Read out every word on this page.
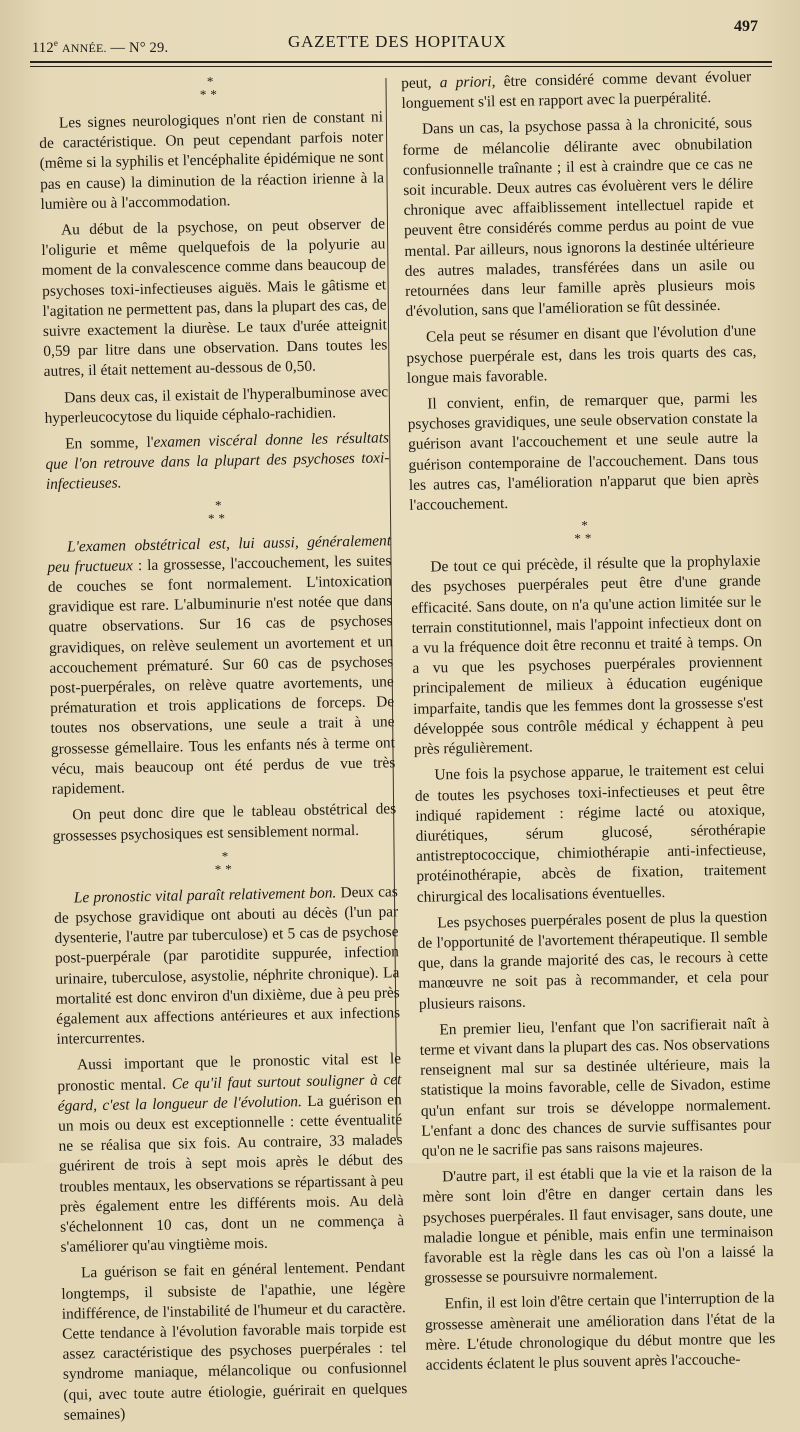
112e ANNÉE. — N° 29.	GAZETTE DES HOPITAUX
497
*
**

Les signes neurologiques n'ont rien de constant ni de caractéristique. On peut cependant parfois noter (même si la syphilis et l'encéphalite épidémique ne sont pas en cause) la diminution de la réaction irienne à la lumière ou à l'accommodation.

Au début de la psychose, on peut observer de l'oligurie et même quelquefois de la polyurie au moment de la convalescence comme dans beaucoup de psychoses toxi-infectieuses aiguës. Mais le gâtisme et l'agitation ne permettent pas, dans la plupart des cas, de suivre exactement la diurèse. Le taux d'urée atteignit 0,59 par litre dans une observation. Dans toutes les autres, il était nettement au-dessous de 0,50.

Dans deux cas, il existait de l'hyperalbuminose avec hyperleucocytose du liquide céphalo-rachidien.

En somme, l'examen viscéral donne les résultats que l'on retrouve dans la plupart des psychoses toxi-infectieuses.

*
**

L'examen obstétrical est, lui aussi, généralement peu fructueux : la grossesse, l'accouchement, les suites de couches se font normalement. L'intoxication gravidique est rare. L'albuminurie n'est notée que dans quatre observations. Sur 16 cas de psychoses gravidiques, on relève seulement un avortement et un accouchement prématuré. Sur 60 cas de psychoses post-puerpérales, on relève quatre avortements, une prématuration et trois applications de forceps. De toutes nos observations, une seule a trait à une grossesse gémellaire. Tous les enfants nés à terme ont vécu, mais beaucoup ont été perdus de vue très rapidement.

On peut donc dire que le tableau obstétrical des grossesses psychosiques est sensiblement normal.

*
**

Le pronostic vital paraît relativement bon. Deux cas de psychose gravidique ont abouti au décès (l'un par dysenterie, l'autre par tuberculose) et 5 cas de psychose post-puerpérale (par parotidite suppurée, infection urinaire, tuberculose, asystolie, néphrite chronique). La mortalité est donc environ d'un dixième, due à peu près également aux affections antérieures et aux infections intercurrentes.

Aussi important que le pronostic vital est le pronostic mental. Ce qu'il faut surtout souligner à cet égard, c'est la longueur de l'évolution. La guérison en un mois ou deux est exceptionnelle : cette éventualité ne se réalisa que six fois. Au contraire, 33 malades guérirent de trois à sept mois après le début des troubles mentaux, les observations se répartissant à peu près également entre les différents mois. Au delà s'échelonnent 10 cas, dont un ne commença à s'améliorer qu'au vingtième mois.

La guérison se fait en général lentement. Pendant longtemps, il subsiste de l'apathie, une légère indifférence, de l'instabilité de l'humeur et du caractère. Cette tendance à l'évolution favorable mais torpide est assez caractéristique des psychoses puerpérales : tel syndrome maniaque, mélancolique ou confusionnel (qui, avec toute autre étiologie, guérirait en quelques semaines)

peut, a priori, être considéré comme devant évoluer longuement s'il est en rapport avec la puerpéralité.

Dans un cas, la psychose passa à la chronicité, sous forme de mélancolie délirante avec obnubilation confusionnelle traînante ; il est à craindre que ce cas ne soit incurable. Deux autres cas évoluèrent vers le délire chronique avec affaiblissement intellectuel rapide et peuvent être considérés comme perdus au point de vue mental. Par ailleurs, nous ignorons la destinée ultérieure des autres malades, transférées dans un asile ou retournées dans leur famille après plusieurs mois d'évolution, sans que l'amélioration se fût dessinée.

Cela peut se résumer en disant que l'évolution d'une psychose puerpérale est, dans les trois quarts des cas, longue mais favorable.

Il convient, enfin, de remarquer que, parmi les psychoses gravidiques, une seule observation constate la guérison avant l'accouchement et une seule autre la guérison contemporaine de l'accouchement. Dans tous les autres cas, l'amélioration n'apparut que bien après l'accouchement.

*
**

De tout ce qui précède, il résulte que la prophylaxie des psychoses puerpérales peut être d'une grande efficacité. Sans doute, on n'a qu'une action limitée sur le terrain constitutionnel, mais l'appoint infectieux dont on a vu la fréquence doit être reconnu et traité à temps. On a vu que les psychoses puerpérales proviennent principalement de milieux à éducation eugénique imparfaite, tandis que les femmes dont la grossesse s'est développée sous contrôle médical y échappent à peu près régulièrement.

Une fois la psychose apparue, le traitement est celui de toutes les psychoses toxi-infectieuses et peut être indiqué rapidement : régime lacté ou atoxique, diurétiques, sérum glucosé, sérothérapie antistreptococcique, chimiothérapie anti-infectieuse, protéinothérapie, abcès de fixation, traitement chirurgical des localisations éventuelles.

Les psychoses puerpérales posent de plus la question de l'opportunité de l'avortement thérapeutique. Il semble que, dans la grande majorité des cas, le recours à cette manœuvre ne soit pas à recommander, et cela pour plusieurs raisons.

En premier lieu, l'enfant que l'on sacrifierait naît à terme et vivant dans la plupart des cas. Nos observations renseignent mal sur sa destinée ultérieure, mais la statistique la moins favorable, celle de Sivadon, estime qu'un enfant sur trois se développe normalement. L'enfant a donc des chances de survie suffisantes pour qu'on ne le sacrifie pas sans raisons majeures.

D'autre part, il est établi que la vie et la raison de la mère sont loin d'être en danger certain dans les psychoses puerpérales. Il faut envisager, sans doute, une maladie longue et pénible, mais enfin une terminaison favorable est la règle dans les cas où l'on a laissé la grossesse se poursuivre normalement.

Enfin, il est loin d'être certain que l'interruption de la grossesse amènerait une amélioration dans l'état de la mère. L'étude chronologique du début montre que les accidents éclatent le plus souvent après l'accouche-
